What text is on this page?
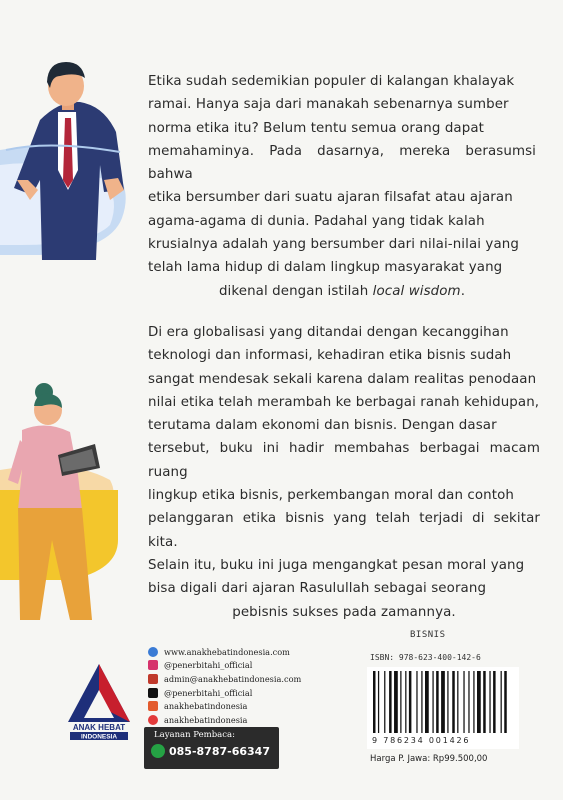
Etika sudah sedemikian populer di kalangan khalayak
ramai. Hanya saja dari manakah sebenarnya sumber
norma etika itu? Belum tentu semua orang dapat
memahaminya. Pada dasarnya, mereka berasumsi bahwa
etika bersumber dari suatu ajaran filsafat atau ajaran
agama-agama di dunia. Padahal yang tidak kalah
krusialnya adalah yang bersumber dari nilai-nilai yang
telah lama hidup di dalam lingkup masyarakat yang
dikenal dengan istilah local wisdom.
Di era globalisasi yang ditandai dengan kecanggihan
teknologi dan informasi, kehadiran etika bisnis sudah
sangat mendesak sekali karena dalam realitas penodaan
nilai etika telah merambah ke berbagai ranah kehidupan,
terutama dalam ekonomi dan bisnis. Dengan dasar
tersebut, buku ini hadir membahas berbagai macam ruang
lingkup etika bisnis, perkembangan moral dan contoh
pelanggaran etika bisnis yang telah terjadi di sekitar kita.
Selain itu, buku ini juga mengangkat pesan moral yang
bisa digali dari ajaran Rasulullah sebagai seorang
pebisnis sukses pada zamannya.
ANAK HEBAT
INDONESIA
www.anakhebatindonesia.com
@penerbitahi_official
admin@anakhebatindonesia.com
@penerbitahi_official
anakhebatindonesia
anakhebatindonesia
Layanan Pembaca:
085-8787-66347
BISNIS
ISBN: 978-623-400-142-6
9 786234 001426
Harga P. Jawa: Rp99.500,00
